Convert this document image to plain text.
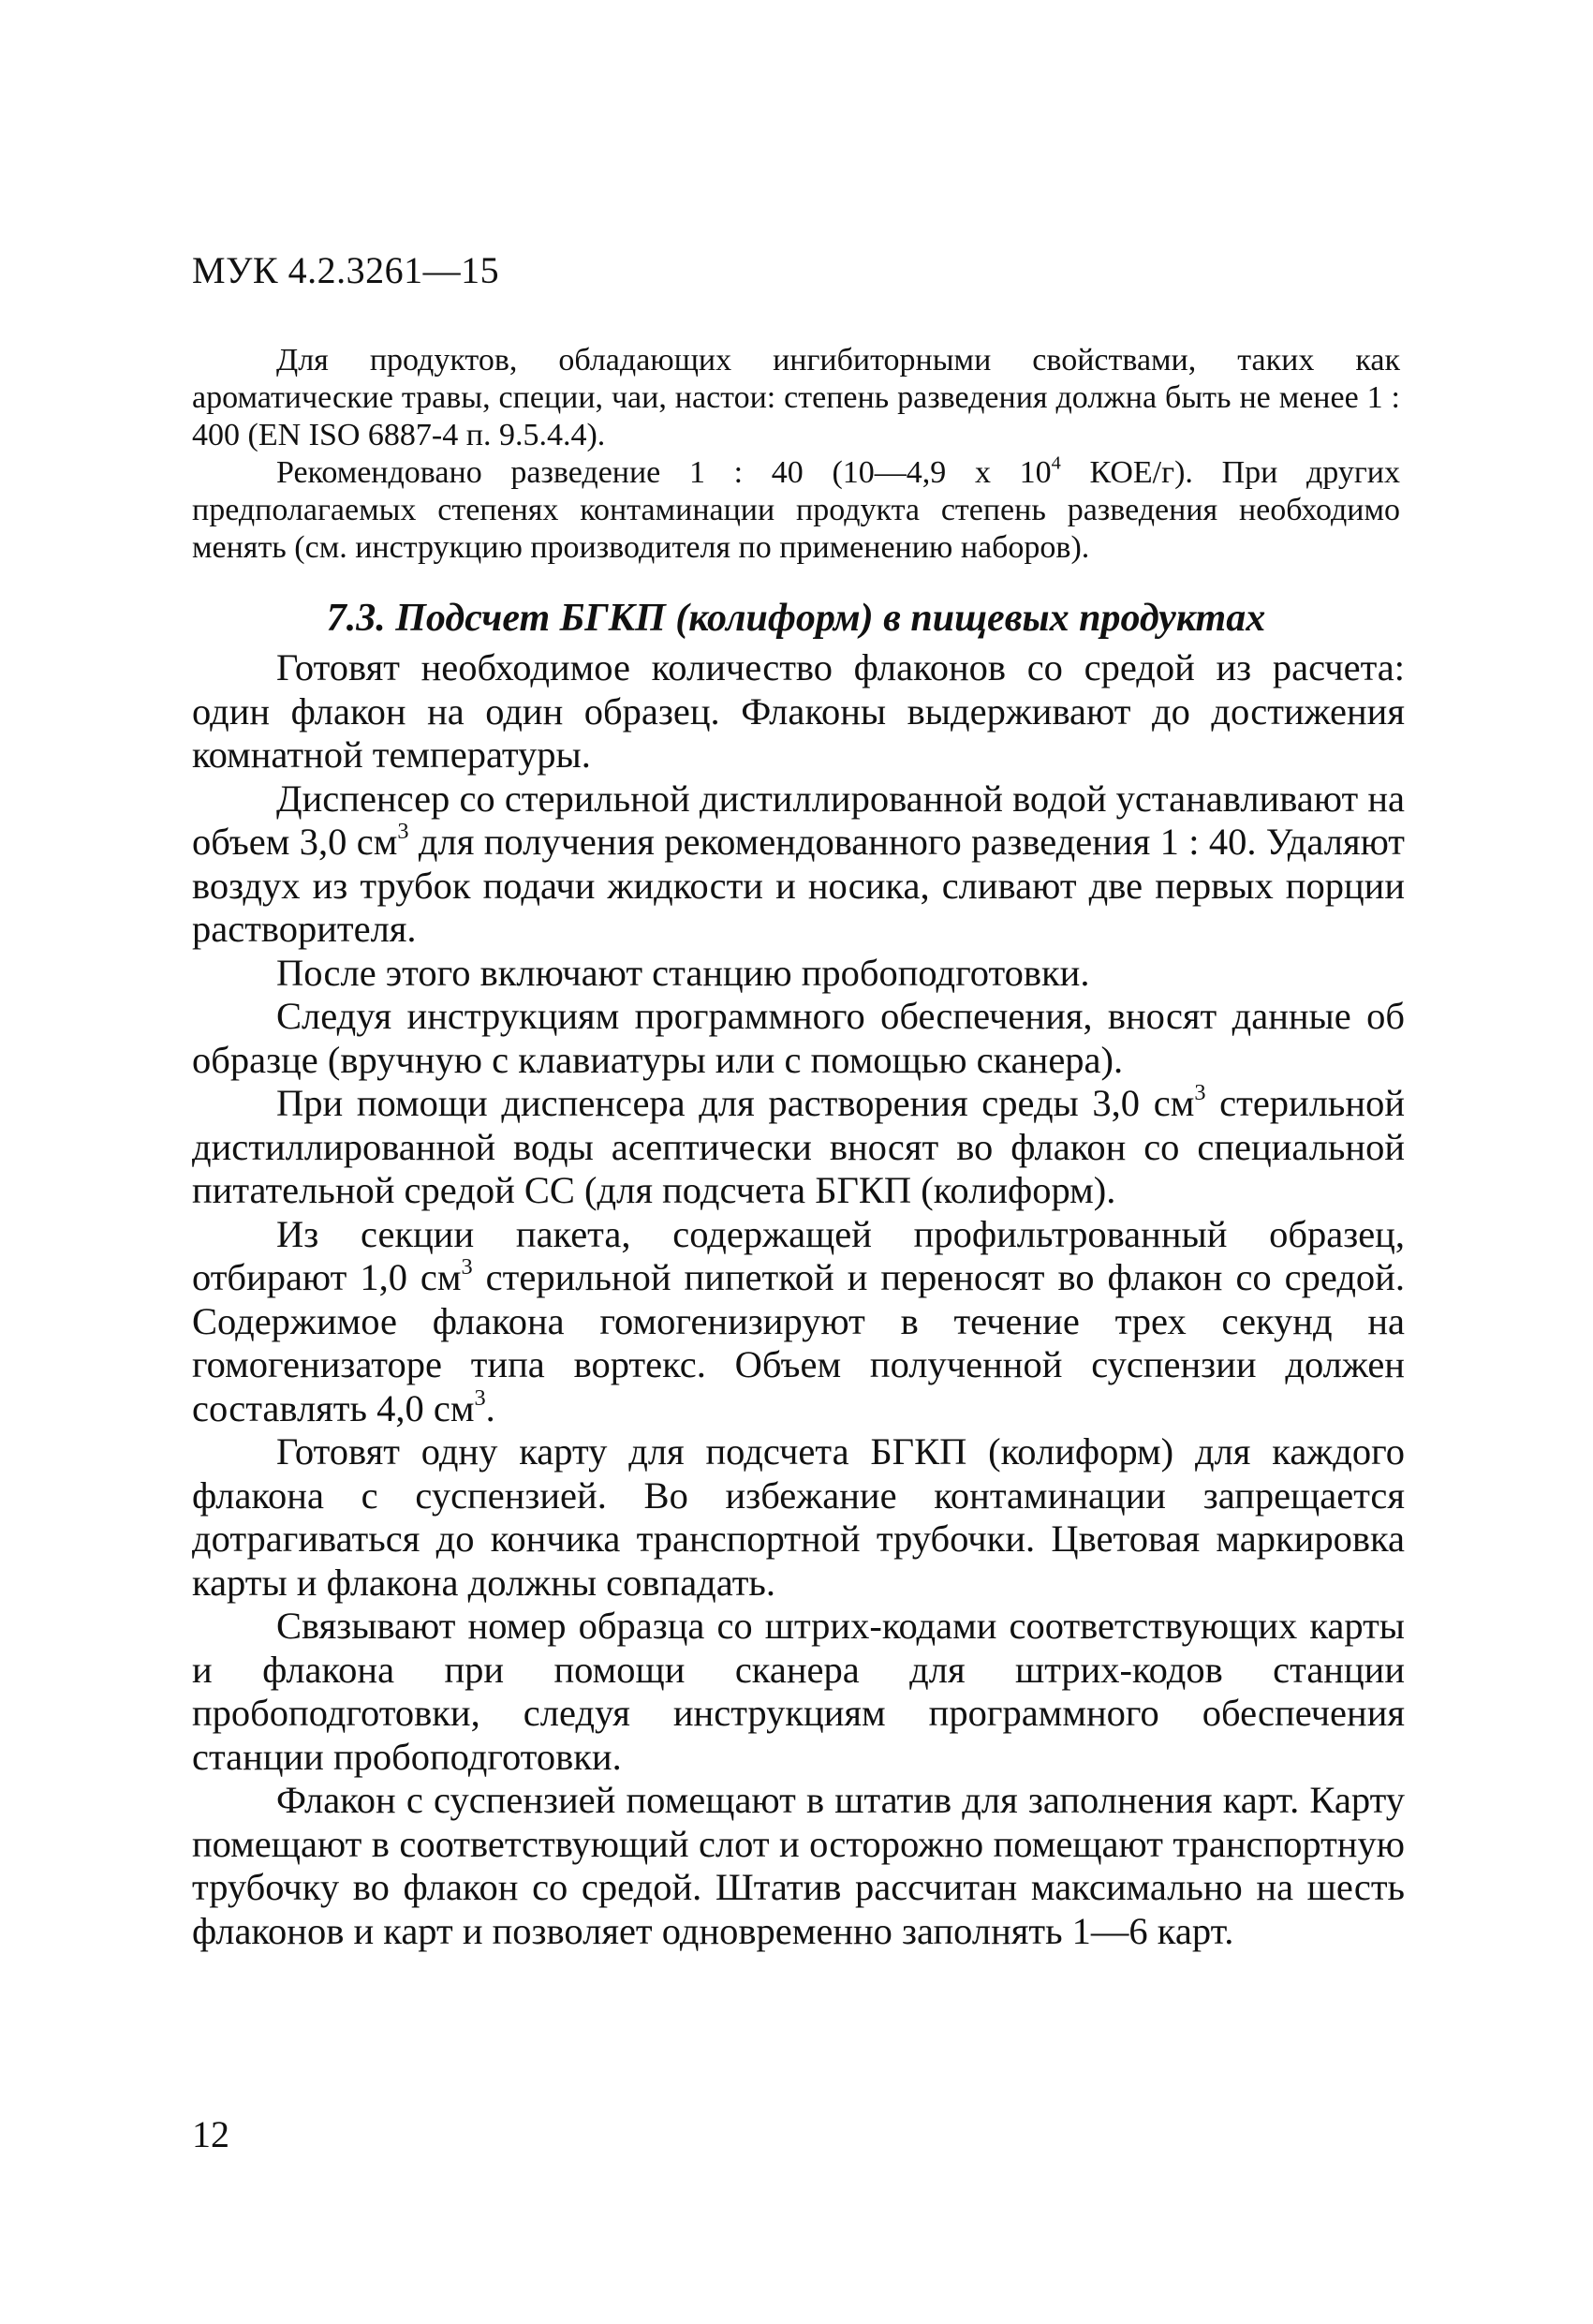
МУК 4.2.3261—15

Для продуктов, обладающих ингибиторными свойствами, таких как ароматические травы, специи, чаи, настои: степень разведения должна быть не менее 1 : 400 (EN ISO 6887-4 п. 9.5.4.4).

Рекомендовано разведение 1 : 40 (10—4,9 х $10^4$ КОЕ/г). При других предполагаемых степенях контаминации продукта степень разведения необходимо менять (см. инструкцию производителя по применению наборов).

7.3. Подсчет БГКП (колиформ) в пищевых продуктах

Готовят необходимое количество флаконов со средой из расчета: один флакон на один образец. Флаконы выдерживают до достижения комнатной температуры.

Диспенсер со стерильной дистиллированной водой устанавливают на объем 3,0 $см^3$ для получения рекомендованного разведения 1 : 40. Удаляют воздух из трубок подачи жидкости и носика, сливают две первых порции растворителя.

После этого включают станцию пробоподготовки.

Следуя инструкциям программного обеспечения, вносят данные об образце (вручную с клавиатуры или с помощью сканера).

При помощи диспенсера для растворения среды 3,0 $см^3$ стерильной дистиллированной воды асептически вносят во флакон со специальной питательной средой СС (для подсчета БГКП (колиформ).

Из секции пакета, содержащей профильтрованный образец, отбирают 1,0 $см^3$ стерильной пипеткой и переносят во флакон со средой. Содержимое флакона гомогенизируют в течение трех секунд на гомогенизаторе типа вортекс. Объем полученной суспензии должен составлять 4,0 $см^3$.

Готовят одну карту для подсчета БГКП (колиформ) для каждого флакона с суспензией. Во избежание контаминации запрещается дотрагиваться до кончика транспортной трубочки. Цветовая маркировка карты и флакона должны совпадать.

Связывают номер образца со штрих-кодами соответствующих карты и флакона при помощи сканера для штрих-кодов станции пробоподготовки, следуя инструкциям программного обеспечения станции пробоподготовки.

Флакон с суспензией помещают в штатив для заполнения карт. Карту помещают в соответствующий слот и осторожно помещают транспортную трубочку во флакон со средой. Штатив рассчитан максимально на шесть флаконов и карт и позволяет одновременно заполнять 1—6 карт.

12
